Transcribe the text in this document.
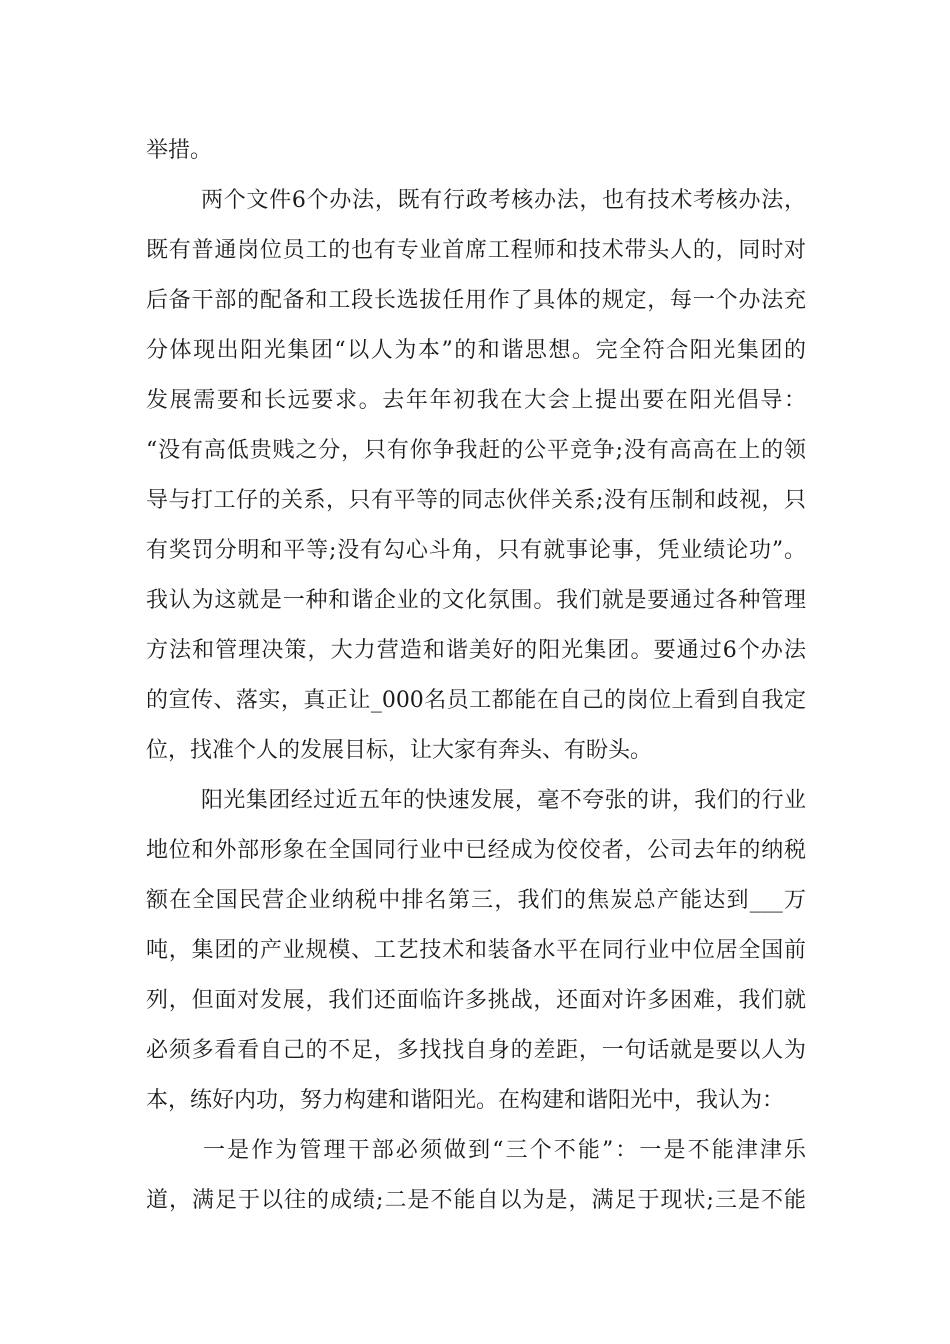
举措。
两个文件6个办法，既有行政考核办法，也有技术考核办法，
既有普通岗位员工的也有专业首席工程师和技术带头人的，同时对
后备干部的配备和工段长选拔任用作了具体的规定，每一个办法充
分体现出阳光集团“以人为本”的和谐思想。完全符合阳光集团的
发展需要和长远要求。去年年初我在大会上提出要在阳光倡导：
“没有高低贵贱之分，只有你争我赶的公平竞争;没有高高在上的领
导与打工仔的关系，只有平等的同志伙伴关系;没有压制和歧视，只
有奖罚分明和平等;没有勾心斗角，只有就事论事，凭业绩论功”。
我认为这就是一种和谐企业的文化氛围。我们就是要通过各种管理
方法和管理决策，大力营造和谐美好的阳光集团。要通过6个办法
的宣传、落实，真正让_000名员工都能在自己的岗位上看到自我定
位，找准个人的发展目标，让大家有奔头、有盼头。
阳光集团经过近五年的快速发展，毫不夸张的讲，我们的行业
地位和外部形象在全国同行业中已经成为佼佼者，公司去年的纳税
额在全国民营企业纳税中排名第三，我们的焦炭总产能达到___万
吨，集团的产业规模、工艺技术和装备水平在同行业中位居全国前
列，但面对发展，我们还面临许多挑战，还面对许多困难，我们就
必须多看看自己的不足，多找找自身的差距，一句话就是要以人为
本，练好内功，努力构建和谐阳光。在构建和谐阳光中，我认为：
一是作为管理干部必须做到“三个不能”：一是不能津津乐
道，满足于以往的成绩;二是不能自以为是，满足于现状;三是不能
